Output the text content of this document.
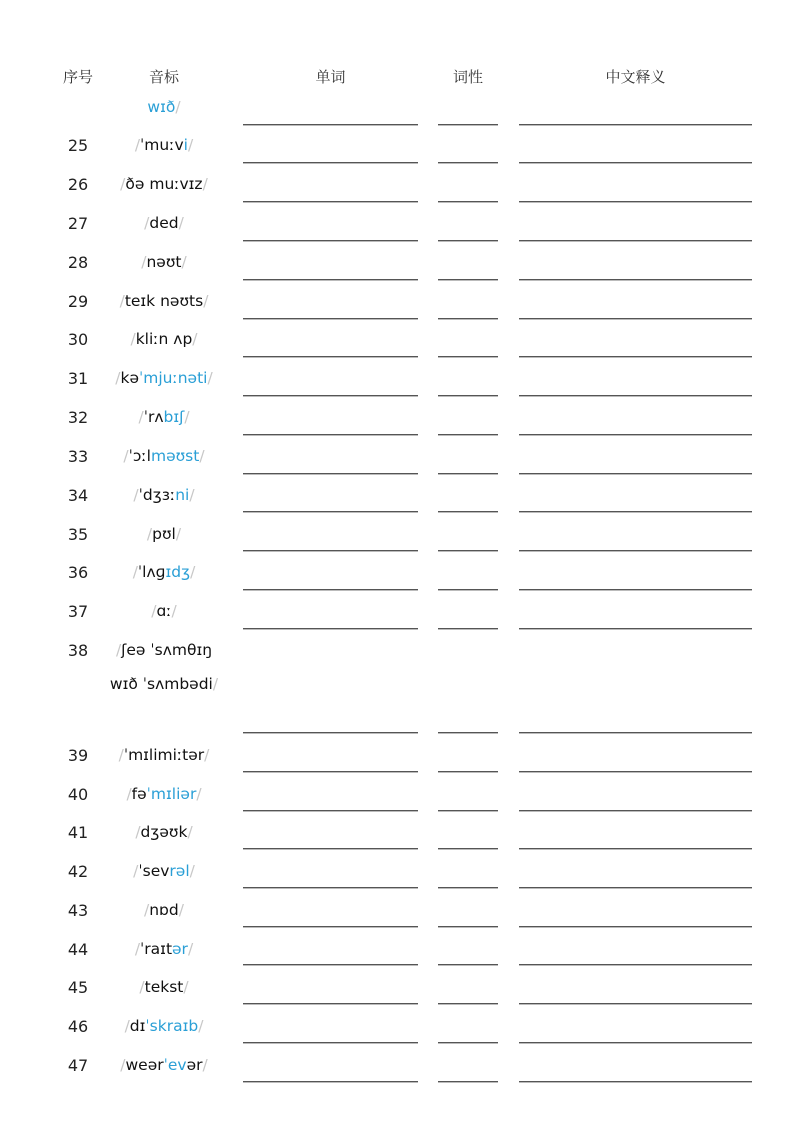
序号	音标	单词	词性	中文释义
wɪð/
25	/ˈmuːvi/
26	/ðə muːvɪz/
27	/ded/
28	/nəʊt/
29	/teɪk nəʊts/
30	/kliːn ʌp/
31	/kəˈmjuːnəti/
32	/ˈrʌbɪʃ/
33	/ˈɔːlməʊst/
34	/ˈdʒɜːni/
35	/pʊl/
36	/ˈlʌɡɪdʒ/
37	/ɑː/
38	/ʃeə ˈsʌmθɪŋ wɪð ˈsʌmbədi/
39	/ˈmɪlimiːtər/
40	/fəˈmɪliər/
41	/dʒəʊk/
42	/ˈsevrəl/
43	/nɒd/
44	/ˈraɪtər/
45	/tekst/
46	/dɪˈskraɪb/
47	/weərˈevər/
